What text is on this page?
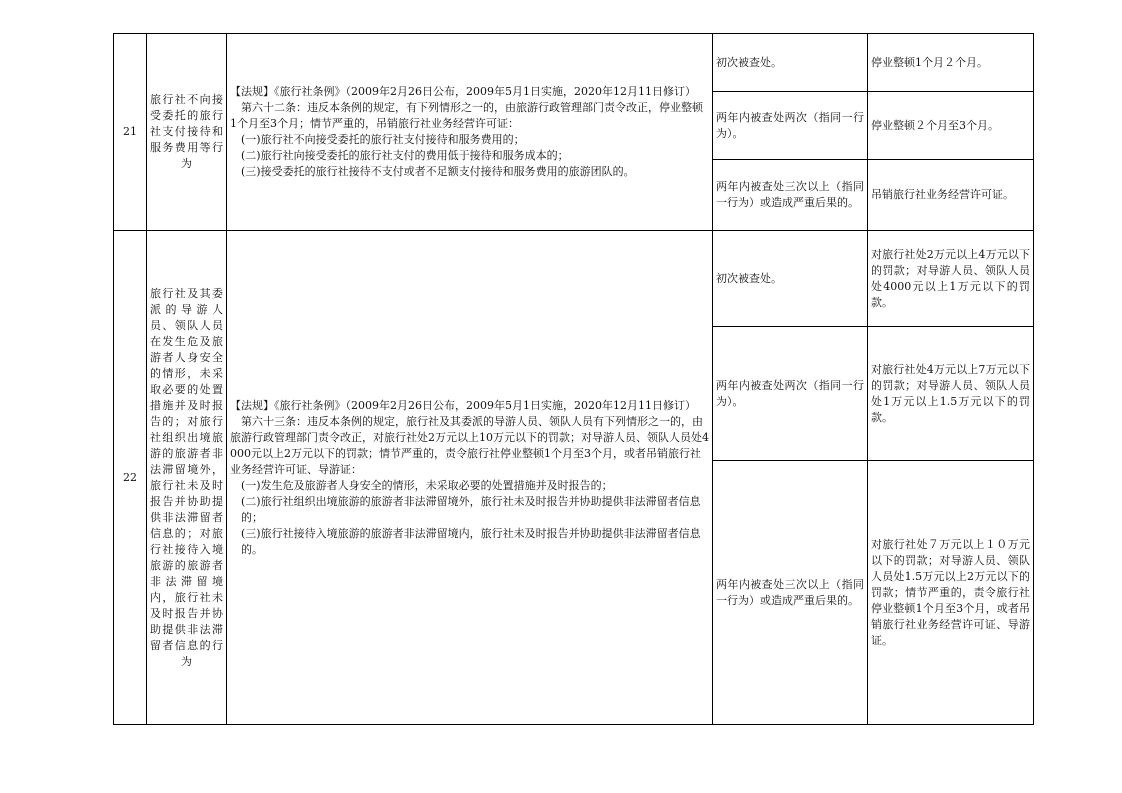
21	旅行社不向接受委托的旅行社支付接待和服务费用等行为	【法规】《旅行社条例》（2009年2月26日公布，2009年5月1日实施，2020年12月11日修订）

第六十二条：违反本条例的规定，有下列情形之一的，由旅游行政管理部门责令改正，停业整顿1个月至3个月；情节严重的，吊销旅行社业务经营许可证：

(一)旅行社不向接受委托的旅行社支付接待和服务费用的；

(二)旅行社向接受委托的旅行社支付的费用低于接待和服务成本的；

(三)接受委托的旅行社接待不支付或者不足额支付接待和服务费用的旅游团队的。	初次被查处。	停业整顿1个月２个月。
			两年内被查处两次（指同一行为）。	停业整顿２个月至3个月。
			两年内被查处三次以上（指同一行为）或造成严重后果的。	吊销旅行社业务经营许可证。
22	旅行社及其委派的导游人员、领队人员在发生危及旅游者人身安全的情形，未采取必要的处置措施并及时报告的；对旅行社组织出境旅游的旅游者非法滞留境外，旅行社未及时报告并协助提供非法滞留者信息的；对旅行社接待入境旅游的旅游者非法滞留境内，旅行社未及时报告并协助提供非法滞留者信息的行为	【法规】《旅行社条例》（2009年2月26日公布，2009年5月1日实施，2020年12月11日修订）

第六十三条：违反本条例的规定，旅行社及其委派的导游人员、领队人员有下列情形之一的，由旅游行政管理部门责令改正，对旅行社处2万元以上10万元以下的罚款；对导游人员、领队人员处4000元以上2万元以下的罚款；情节严重的，责令旅行社停业整顿1个月至3个月，或者吊销旅行社业务经营许可证、导游证：

(一)发生危及旅游者人身安全的情形，未采取必要的处置措施并及时报告的；

(二)旅行社组织出境旅游的旅游者非法滞留境外，旅行社未及时报告并协助提供非法滞留者信息的；

(三)旅行社接待入境旅游的旅游者非法滞留境内，旅行社未及时报告并协助提供非法滞留者信息的。	初次被查处。	对旅行社处2万元以上4万元以下的罚款；对导游人员、领队人员处4000元以上1万元以下的罚款。
			两年内被查处两次（指同一行为）。	对旅行社处4万元以上7万元以下的罚款；对导游人员、领队人员处1万元以上1.5万元以下的罚款。
			两年内被查处三次以上（指同一行为）或造成严重后果的。	对旅行社处７万元以上１０万元以下的罚款；对导游人员、领队人员处1.5万元以上2万元以下的罚款；情节严重的，责令旅行社停业整顿1个月至3个月，或者吊销旅行社业务经营许可证、导游证。
